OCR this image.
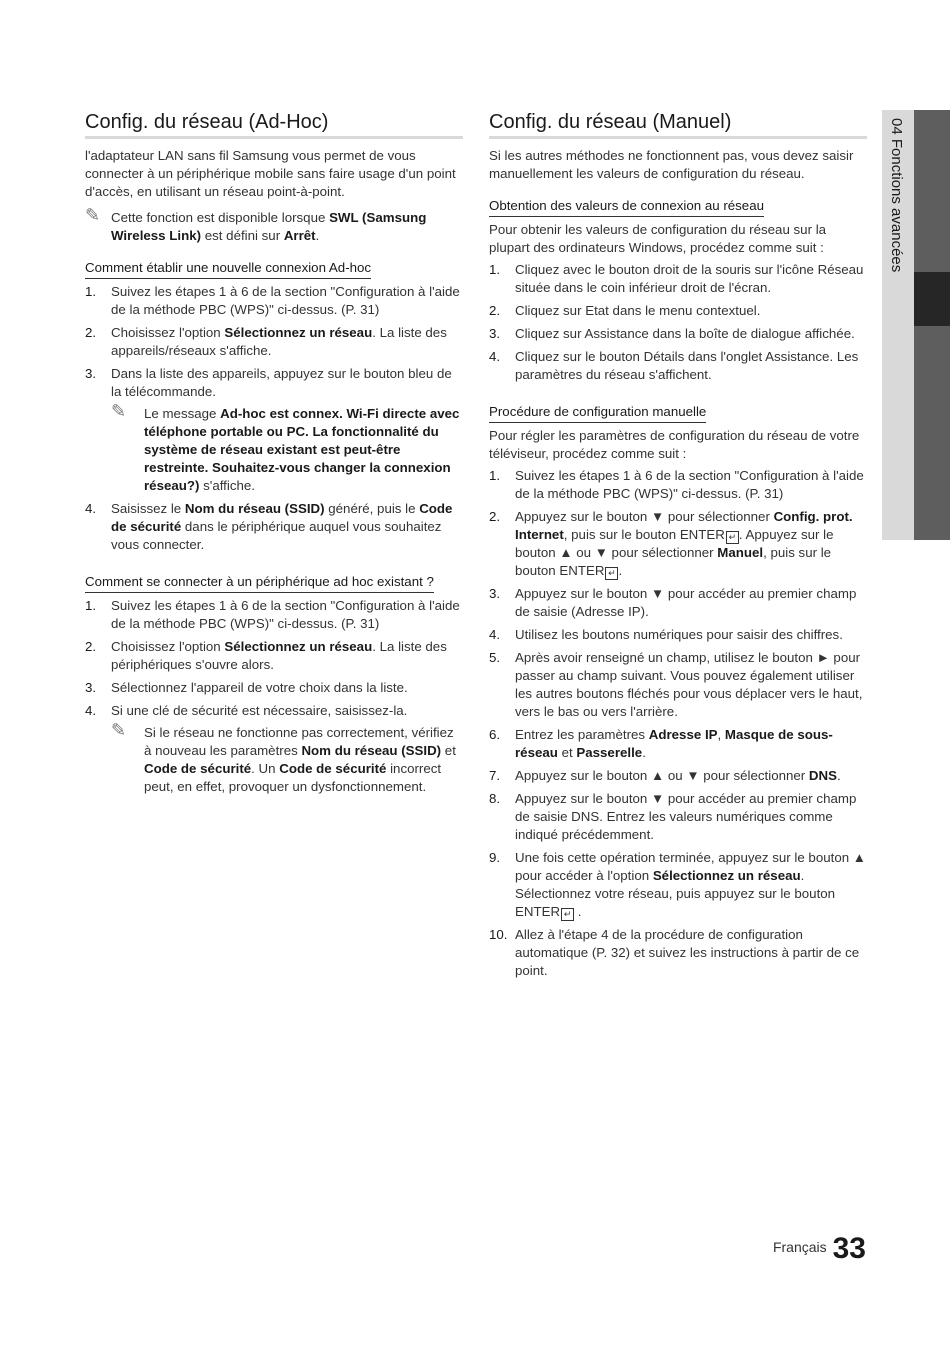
04 Fonctions avancées
Config. du réseau (Ad-Hoc)

l'adaptateur LAN sans fil Samsung vous permet de vous connecter à un périphérique mobile sans faire usage d'un point d'accès, en utilisant un réseau point-à-point.

✎ Cette fonction est disponible lorsque SWL (Samsung Wireless Link) est défini sur Arrêt.
Comment établir une nouvelle connexion Ad-hoc
1. Suivez les étapes 1 à 6 de la section "Configuration à l'aide de la méthode PBC (WPS)" ci-dessus. (P. 31)
2. Choisissez l'option Sélectionnez un réseau. La liste des appareils/réseaux s'affiche.
3. Dans la liste des appareils, appuyez sur le bouton bleu de la télécommande.
✎ Le message Ad-hoc est connex. Wi-Fi directe avec téléphone portable ou PC. La fonctionnalité du système de réseau existant est peut-être restreinte. Souhaitez-vous changer la connexion réseau?) s'affiche.
4. Saisissez le Nom du réseau (SSID) généré, puis le Code de sécurité dans le périphérique auquel vous souhaitez vous connecter.
Comment se connecter à un périphérique ad hoc existant ?
1. Suivez les étapes 1 à 6 de la section "Configuration à l'aide de la méthode PBC (WPS)" ci-dessus. (P. 31)
2. Choisissez l'option Sélectionnez un réseau. La liste des périphériques s'ouvre alors.
3. Sélectionnez l'appareil de votre choix dans la liste.
4. Si une clé de sécurité est nécessaire, saisissez-la.
✎ Si le réseau ne fonctionne pas correctement, vérifiez à nouveau les paramètres Nom du réseau (SSID) et Code de sécurité. Un Code de sécurité incorrect peut, en effet, provoquer un dysfonctionnement.
Config. du réseau (Manuel)

Si les autres méthodes ne fonctionnent pas, vous devez saisir manuellement les valeurs de configuration du réseau.

Obtention des valeurs de connexion au réseau

Pour obtenir les valeurs de configuration du réseau sur la plupart des ordinateurs Windows, procédez comme suit :

1. Cliquez avec le bouton droit de la souris sur l'icône Réseau située dans le coin inférieur droit de l'écran.
2. Cliquez sur Etat dans le menu contextuel.
3. Cliquez sur Assistance dans la boîte de dialogue affichée.
4. Cliquez sur le bouton Détails dans l'onglet Assistance. Les paramètres du réseau s'affichent.
Procédure de configuration manuelle

Pour régler les paramètres de configuration du réseau de votre téléviseur, procédez comme suit :

1. Suivez les étapes 1 à 6 de la section "Configuration à l'aide de la méthode PBC (WPS)" ci-dessus. (P. 31)
2. Appuyez sur le bouton ▼ pour sélectionner Config. prot. Internet, puis sur le bouton ENTER ↵ . Appuyez sur le bouton ▲ ou ▼ pour sélectionner Manuel, puis sur le bouton ENTER ↵ .
3. Appuyez sur le bouton ▼ pour accéder au premier champ de saisie (Adresse IP).
4. Utilisez les boutons numériques pour saisir des chiffres.
5. Après avoir renseigné un champ, utilisez le bouton ► pour passer au champ suivant. Vous pouvez également utiliser les autres boutons fléchés pour vous déplacer vers le haut, vers le bas ou vers l'arrière.
6. Entrez les paramètres Adresse IP, Masque de sous-réseau et Passerelle.
7. Appuyez sur le bouton ▲ ou ▼ pour sélectionner DNS.
8. Appuyez sur le bouton ▼ pour accéder au premier champ de saisie DNS. Entrez les valeurs numériques comme indiqué précédemment.
9. Une fois cette opération terminée, appuyez sur le bouton ▲ pour accéder à l'option Sélectionnez un réseau. Sélectionnez votre réseau, puis appuyez sur le bouton ENTER ↵ .
10. Allez à l'étape 4 de la procédure de configuration automatique (P. 32) et suivez les instructions à partir de ce point.
Français 33
